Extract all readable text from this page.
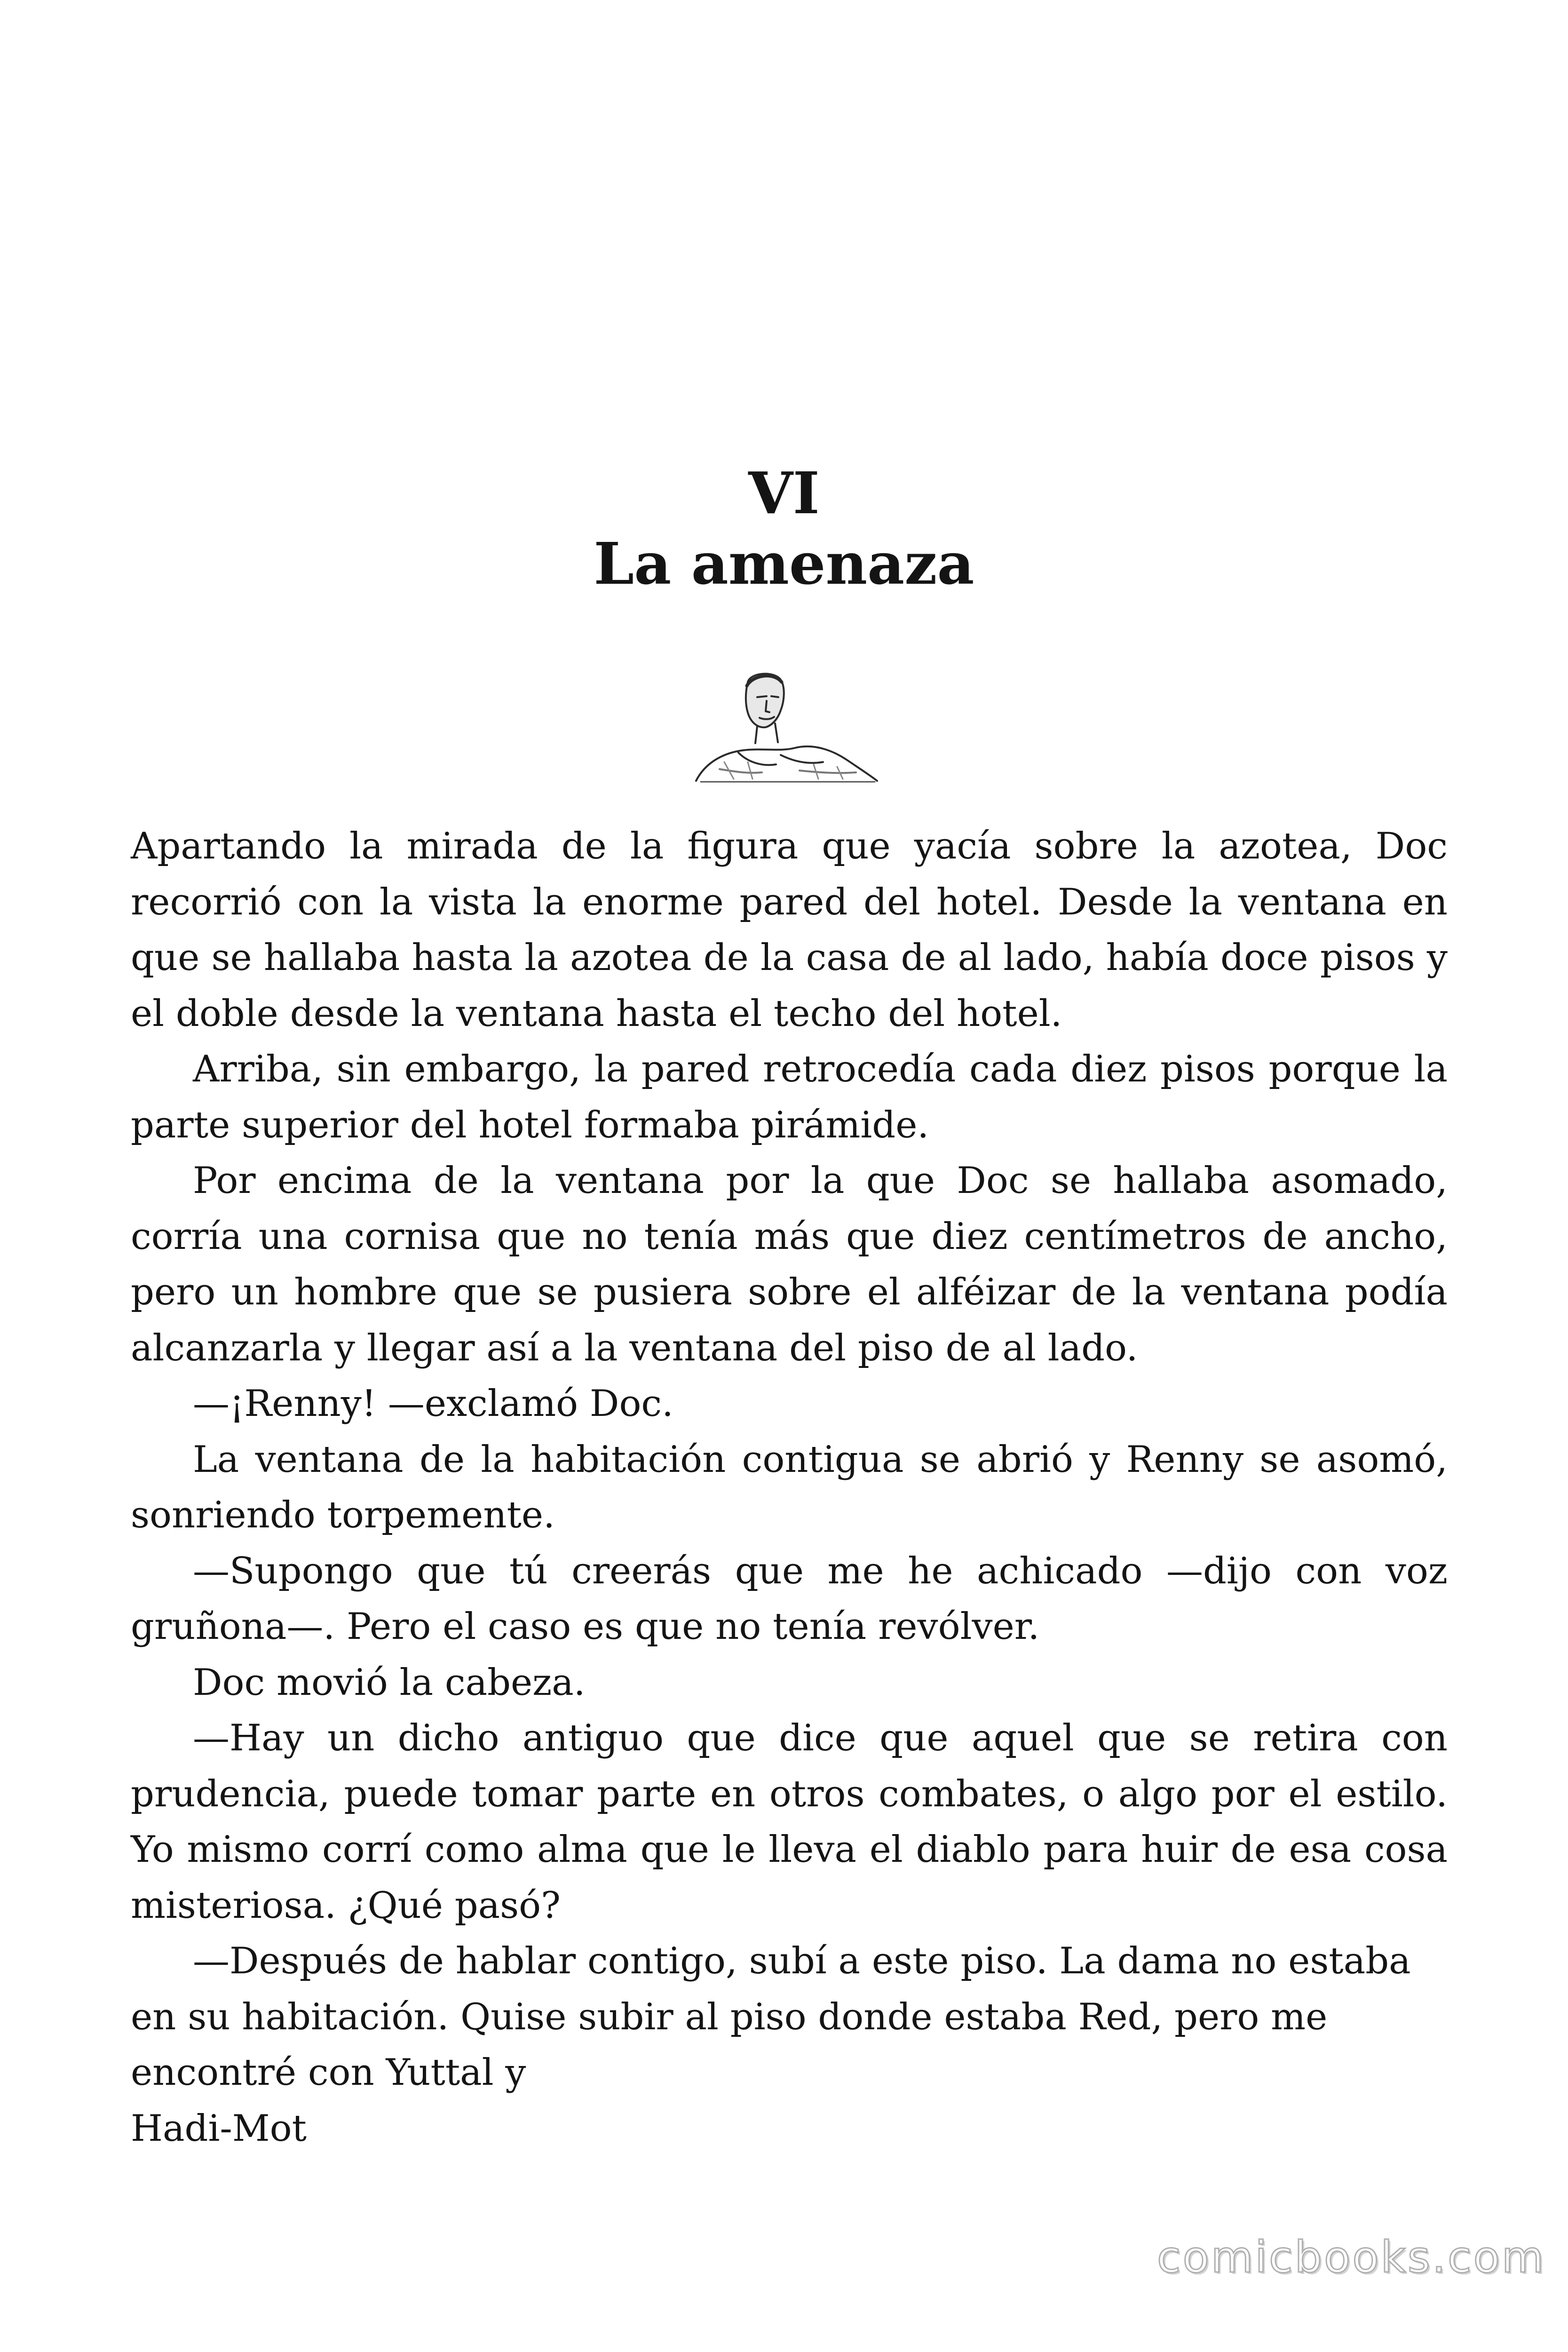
VI
La amenaza

Apartando la mirada de la figura que yacía sobre la azotea, Doc recorrió con la vista la enorme pared del hotel. Desde la ventana en que se hallaba hasta la azotea de la casa de al lado, había doce pisos y el doble desde la ventana hasta el techo del hotel.

Arriba, sin embargo, la pared retrocedía cada diez pisos porque la parte superior del hotel formaba pirámide.

Por encima de la ventana por la que Doc se hallaba asomado, corría una cornisa que no tenía más que diez centímetros de ancho, pero un hombre que se pusiera sobre el alféizar de la ventana podía alcanzarla y llegar así a la ventana del piso de al lado.

—¡Renny! —exclamó Doc.

La ventana de la habitación contigua se abrió y Renny se asomó, sonriendo torpemente.

—Supongo que tú creerás que me he achicado —dijo con voz gruñona—. Pero el caso es que no tenía revólver.

Doc movió la cabeza.

—Hay un dicho antiguo que dice que aquel que se retira con prudencia, puede tomar parte en otros combates, o algo por el estilo. Yo mismo corrí como alma que le lleva el diablo para huir de esa cosa misteriosa. ¿Qué pasó?

—Después de hablar contigo, subí a este piso. La dama no estaba en su habitación. Quise subir al piso donde estaba Red, pero me encontré con Yuttal y

Hadi-Mot

comicbooks.com
